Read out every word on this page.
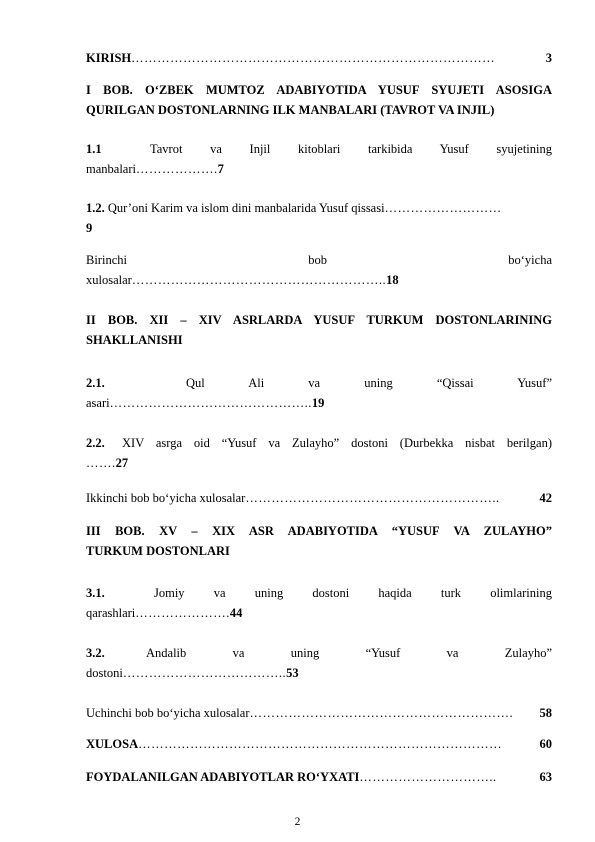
KIRISH…………………………………………………………………………	3
I BOB. O‘ZBEK MUMTOZ ADABIYOTIDA YUSUF SYUJETI ASOSIGA
QURILGAN DOSTONLARNING ILK MANBALARI (TAVROT VA INJIL)
1.1	Tavrot va Injil kitoblari tarkibida Yusuf syujetining
manbalari……………….7
1.2. Qur’oni Karim va islom dini manbalarida Yusuf qissasi………………………
9
Birinchi bob bo‘yicha
xulosalar…………………………………………………..18
II BOB. XII – XIV ASRLARDA YUSUF TURKUM DOSTONLARINING
SHAKLLANISHI
2.1.	Qul Ali va uning “Qissai Yusuf”
asari………………………………………..19
2.2. XIV asrga oid “Yusuf va Zulayho” dostoni (Durbekka nisbat berilgan)
…….27
Ikkinchi bob bo‘yicha xulosalar…………………………………………………..	42
III BOB. XV – XIX ASR ADABIYOTIDA “YUSUF VA ZULAYHO”
TURKUM DOSTONLARI
3.1.	Jomiy va uning dostoni haqida turk olimlarining
qarashlari………………….44
3.2.	Andalib va uning “Yusuf va Zulayho”
dostoni………………………………..53
Uchinchi bob bo‘yicha xulosalar……………………………………………………. 58
XULOSA…………………………………………………………………………	60
FOYDALANILGAN ADABIYOTLAR RO‘YXATI…………………………..	63
2
